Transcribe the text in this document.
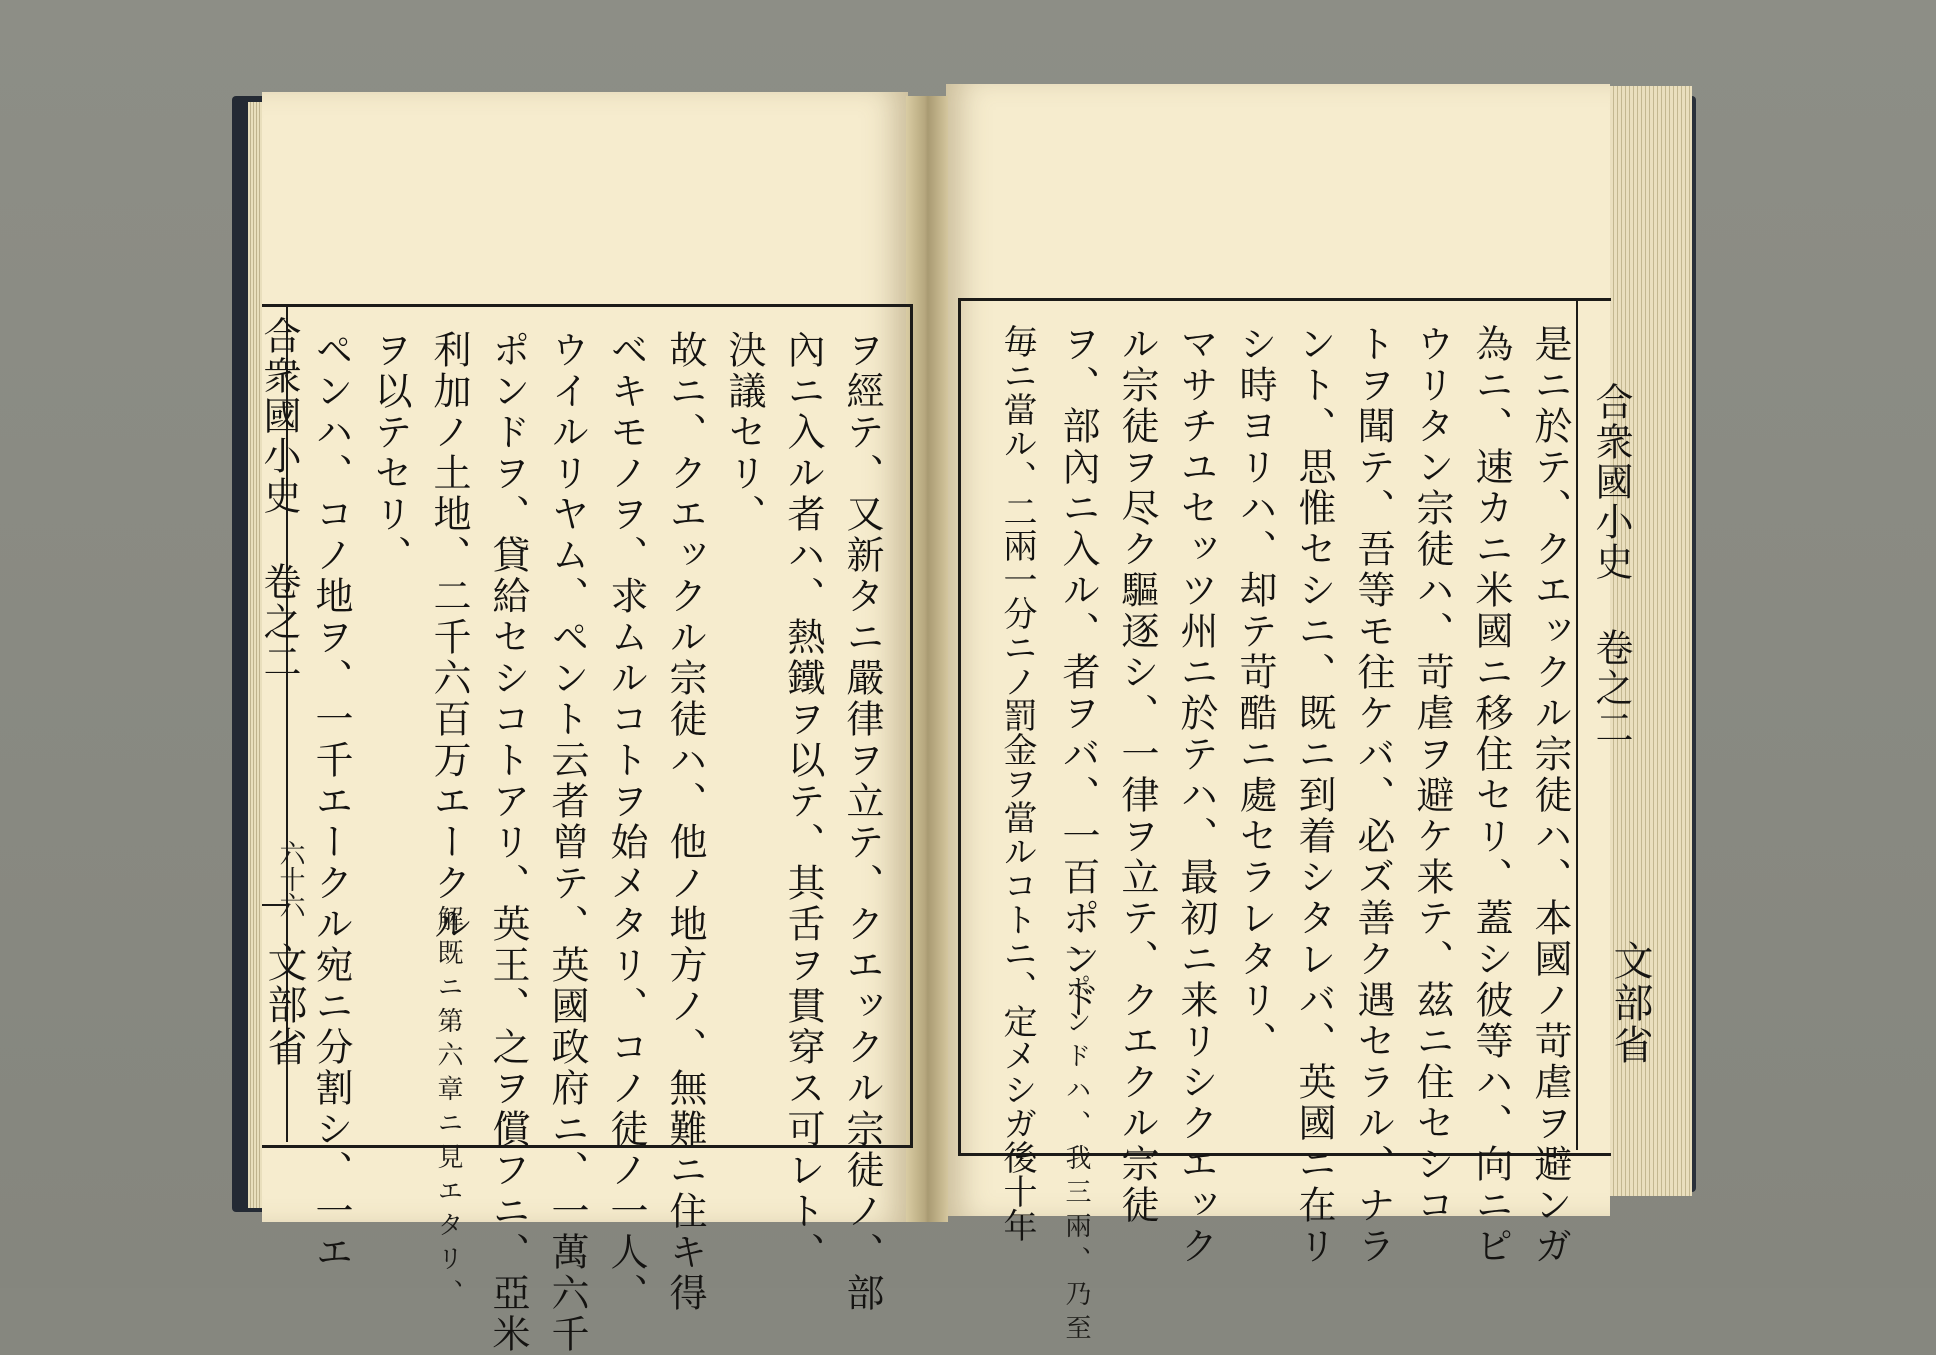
合衆國小史 卷之二
六十六
文部省
合衆國小史 卷之二
文部省
ヲ經テ、又新タニ嚴律ヲ立テ、クエックル宗徒ノ、部
內ニ入ル者ハ、熱鐵ヲ以テ、其舌ヲ貫穿ス可レト、
決議セリ、
故ニ、クエックル宗徒ハ、他ノ地方ノ、無難ニ住キ得
ベキモノヲ、求ムルコトヲ始メタリ、コノ徒ノ一人、
ウイルリヤム、ペント云者曾テ、英國政府ニ、一萬六千
ポンドヲ、貸給セシコトアリ、英王、之ヲ償フニ、亞米
利加ノ土地、二千六百万エークル
解既ニ第六章ニ見エタリ、
ヲ以テセリ、
ペンハ、コノ地ヲ、一千エークル宛ニ分割シ、一エ	是ニ於テ、クエックル宗徒ハ、本國ノ苛虐ヲ避ンガ
為ニ、速カニ米國ニ移住セリ、蓋シ彼等ハ、向ニピ
ウリタン宗徒ハ、苛虐ヲ避ケ来テ、茲ニ住セシコ
トヲ聞テ、吾等モ往ケバ、必ズ善ク遇セラル、ナラ
ント、思惟セシニ、既ニ到着シタレバ、英國ニ在リ
シ時ヨリハ、却テ苛酷ニ處セラレタリ、
マサチユセッツ州ニ於テハ、最初ニ来リシクエック
ル宗徒ヲ尽ク驅逐シ、一律ヲ立テ、クエクル宗徒
ヲ、部內ニ入ル、者ヲバ、一百ポンド
一ポンドハ、我三兩、乃至
毎ニ當ル、二兩一分ニノ罰金ヲ當ルコトニ、定メシガ後十年
